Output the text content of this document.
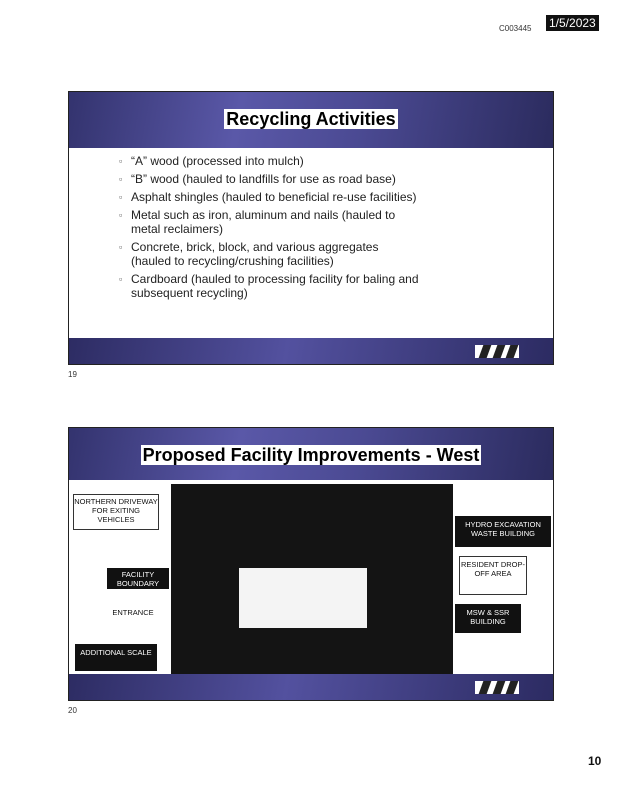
C003445 1/5/2023
Recycling Activities
▫ “A” wood (processed into mulch)
▫ “B” wood (hauled to landfills for use as road base)
▫ Asphalt shingles (hauled to beneficial re-use facilities)
▫ Metal such as iron, aluminum and nails (hauled to metal reclaimers)
▫ Concrete, brick, block, and various aggregates (hauled to recycling/crushing facilities)
▫ Cardboard (hauled to processing facility for baling and subsequent recycling)
19
Proposed Facility Improvements - West
NORTHERN DRIVEWAY FOR EXITING VEHICLES
FACILITY BOUNDARY
ENTRANCE
ADDITIONAL SCALE
HYDRO EXCAVATION WASTE BUILDING
RESIDENT DROP-OFF AREA
MSW & SSR BUILDING
20
10
